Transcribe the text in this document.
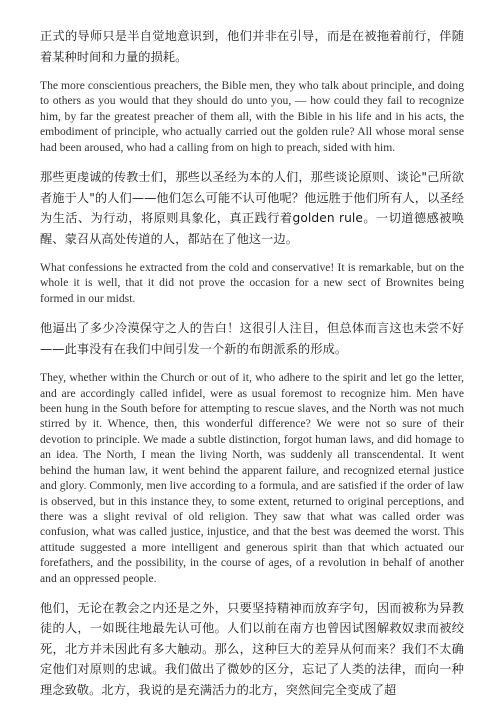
正式的导师只是半自觉地意识到，他们并非在引导，而是在被拖着前行，伴随着某种时间和力量的损耗。

The more conscientious preachers, the Bible men, they who talk about principle, and doing to others as you would that they should do unto you, — how could they fail to recognize him, by far the greatest preacher of them all, with the Bible in his life and in his acts, the embodiment of principle, who actually carried out the golden rule? All whose moral sense had been aroused, who had a calling from on high to preach, sided with him.

那些更虔诚的传教士们，那些以圣经为本的人们，那些谈论原则、谈论"己所欲者施于人"的人们——他们怎么可能不认可他呢？他远胜于他们所有人，以圣经为生活、为行动，将原则具象化，真正践行着golden rule。一切道德感被唤醒、蒙召从高处传道的人，都站在了他这一边。

What confessions he extracted from the cold and conservative! It is remarkable, but on the whole it is well, that it did not prove the occasion for a new sect of Brownites being formed in our midst.

他逼出了多少冷漠保守之人的告白！这很引人注目，但总体而言这也未尝不好——此事没有在我们中间引发一个新的布朗派系的形成。

They, whether within the Church or out of it, who adhere to the spirit and let go the letter, and are accordingly called infidel, were as usual foremost to recognize him. Men have been hung in the South before for attempting to rescue slaves, and the North was not much stirred by it. Whence, then, this wonderful difference? We were not so sure of their devotion to principle. We made a subtle distinction, forgot human laws, and did homage to an idea. The North, I mean the living North, was suddenly all transcendental. It went behind the human law, it went behind the apparent failure, and recognized eternal justice and glory. Commonly, men live according to a formula, and are satisfied if the order of law is observed, but in this instance they, to some extent, returned to original perceptions, and there was a slight revival of old religion. They saw that what was called order was confusion, what was called justice, injustice, and that the best was deemed the worst. This attitude suggested a more intelligent and generous spirit than that which actuated our forefathers, and the possibility, in the course of ages, of a revolution in behalf of another and an oppressed people.

他们，无论在教会之内还是之外，只要坚持精神而放弃字句，因而被称为异教徒的人，一如既往地最先认可他。人们以前在南方也曾因试图解救奴隶而被绞死，北方并未因此有多大触动。那么，这种巨大的差异从何而来？我们不太确定他们对原则的忠诚。我们做出了微妙的区分，忘记了人类的法律，而向一种理念致敬。北方，我说的是充满活力的北方，突然间完全变成了超
